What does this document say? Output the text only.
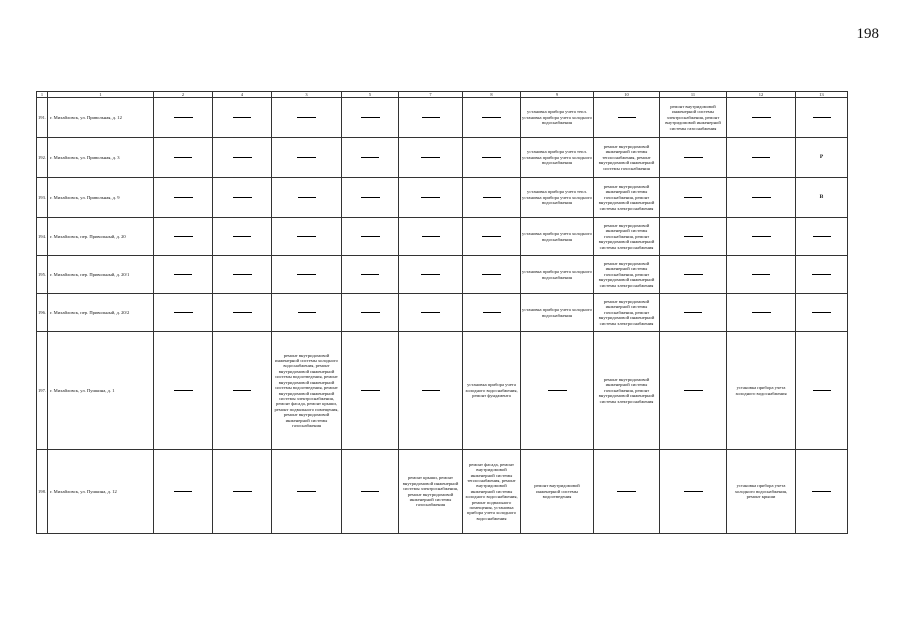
198
1	1	2	4	3	5	7	8	9	10	11	12	13
191.	г. Михайловск, ул. Привольная, д. 12							установка прибора учета тепл. установка прибора учета холодного водоснабжения		ремонт внутридомовой инженерной системы электроснабжения, ремонт внутридомовой инженерной системы газоснабжения		
192.	г. Михайловск, ул. Привольная, д. 3							установка прибора учета тепл. установка прибора учета холодного водоснабжения	ремонт внутридомовой инженерной системы теплоснабжения, ремонт внутридомовой инженерной системы газоснабжения			Р
193.	г. Михайловск, ул. Привольная, д. 9							установка прибора учета тепл. установка прибора учета холодного водоснабжения	ремонт внутридомовой инженерной системы газоснабжения, ремонт внутридомовой инженерной системы электроснабжения			В
194.	г. Михайловск, пер. Привольный, д. 20							установка прибора учета холодного водоснабжения	ремонт внутридомовой инженерной системы газоснабжения, ремонт внутридомовой инженерной системы электроснабжения			
195.	г. Михайловск, пер. Привольный, д. 20/1							установка прибора учета холодного водоснабжения	ремонт внутридомовой инженерной системы газоснабжения, ремонт внутридомовой инженерной системы электроснабжения			
196.	г. Михайловск, пер. Привольный, д. 20/2							установка прибора учета холодного водоснабжения	ремонт внутридомовой инженерной системы газоснабжения, ремонт внутридомовой инженерной системы электроснабжения			
197.	г. Михайловск, ул. Пушкина, д. 1			ремонт внутридомовой инженерной системы холодного водоснабжения, ремонт внутридомовой инженерной системы водоотведения, ремонт внутридомовой инженерной системы водоотведения, ремонт внутридомовой инженерной системы электроснабжения, ремонт фасада, ремонт крыши, ремонт подвального помещения, ремонт внутридомовой инженерной системы газоснабжения			установка прибора учета холодного водоснабжения, ремонт фундамента		ремонт внутридомовой инженерной системы газоснабжения, ремонт внутридомовой инженерной системы электроснабжения		установка прибора учета холодного водоснабжения	
198.	г. Михайловск, ул. Пушкина, д. 12					ремонт крыши, ремонт внутридомовой инженерной системы электроснабжения, ремонт внутридомовой инженерной системы газоснабжения	ремонт фасада, ремонт внутридомовой инженерной системы теплоснабжения, ремонт внутридомовой инженерной системы холодного водоснабжения, ремонт подвального помещения, установка прибора учета холодного водоснабжения	ремонт внутридомовой инженерной системы водоотведения			установка прибора учета холодного водоснабжения, ремонт крыши	
